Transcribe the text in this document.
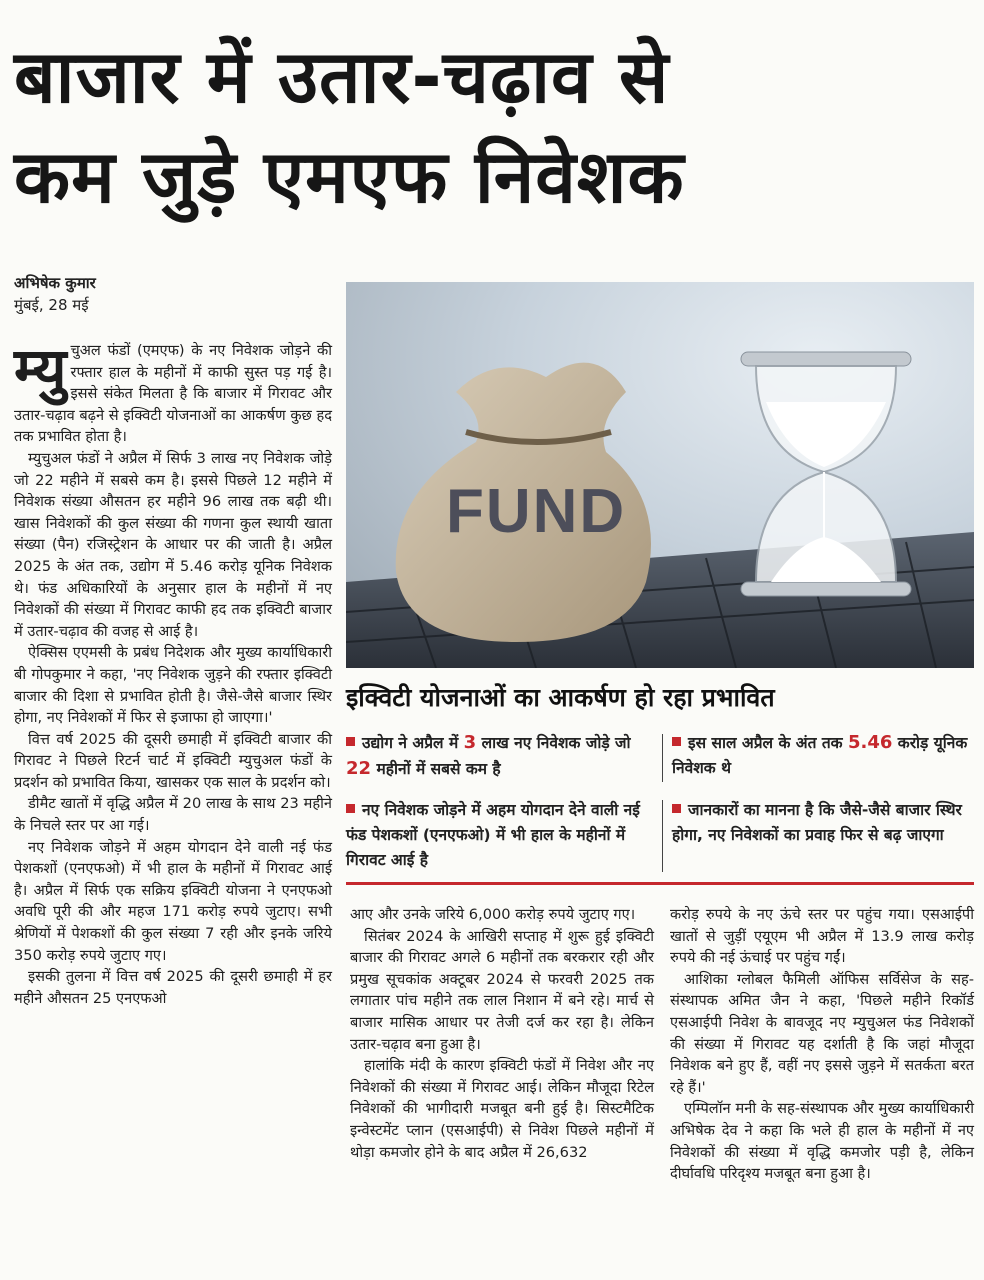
बाजार में उतार-चढ़ाव से
कम जुड़े एमएफ निवेशक
अभिषेक कुमार
मुंबई, 28 मई

म्यु चुअल फंडों (एमएफ) के नए निवेशक जोड़ने की रफ्तार हाल के महीनों में काफी सुस्त पड़ गई है। इससे संकेत मिलता है कि बाजार में गिरावट और उतार-चढ़ाव बढ़ने से इक्विटी योजनाओं का आकर्षण कुछ हद तक प्रभावित होता है।

म्युचुअल फंडों ने अप्रैल में सिर्फ 3 लाख नए निवेशक जोड़े जो 22 महीने में सबसे कम है। इससे पिछले 12 महीने में निवेशक संख्या औसतन हर महीने 96 लाख तक बढ़ी थी। खास निवेशकों की कुल संख्या की गणना कुल स्थायी खाता संख्या (पैन) रजिस्ट्रेशन के आधार पर की जाती है। अप्रैल 2025 के अंत तक, उद्योग में 5.46 करोड़ यूनिक निवेशक थे। फंड अधिकारियों के अनुसार हाल के महीनों में नए निवेशकों की संख्या में गिरावट काफी हद तक इक्विटी बाजार में उतार-चढ़ाव की वजह से आई है।

ऐक्सिस एएमसी के प्रबंध निदेशक और मुख्य कार्याधिकारी बी गोपकुमार ने कहा, 'नए निवेशक जुड़ने की रफ्तार इक्विटी बाजार की दिशा से प्रभावित होती है। जैसे-जैसे बाजार स्थिर होगा, नए निवेशकों में फिर से इजाफा हो जाएगा।'

वित्त वर्ष 2025 की दूसरी छमाही में इक्विटी बाजार की गिरावट ने पिछले रिटर्न चार्ट में इक्विटी म्युचुअल फंडों के प्रदर्शन को प्रभावित किया, खासकर एक साल के प्रदर्शन को।

डीमैट खातों में वृद्धि अप्रैल में 20 लाख के साथ 23 महीने के निचले स्तर पर आ गई।

नए निवेशक जोड़ने में अहम योगदान देने वाली नई फंड पेशकशों (एनएफओ) में भी हाल के महीनों में गिरावट आई है। अप्रैल में सिर्फ एक सक्रिय इक्विटी योजना ने एनएफओ अवधि पूरी की और महज 171 करोड़ रुपये जुटाए। सभी श्रेणियों में पेशकशों की कुल संख्या 7 रही और इनके जरिये 350 करोड़ रुपये जुटाए गए।

इसकी तुलना में वित्त वर्ष 2025 की दूसरी छमाही में हर महीने औसतन 25 एनएफओ

FUND
इक्विटी योजनाओं का आकर्षण हो रहा प्रभावित
उद्योग ने अप्रैल में 3 लाख नए निवेशक जोड़े जो 22 महीनों में सबसे कम है
इस साल अप्रैल के अंत तक 5.46 करोड़ यूनिक निवेशक थे
नए निवेशक जोड़ने में अहम योगदान देने वाली नई फंड पेशकशों (एनएफओ) में भी हाल के महीनों में गिरावट आई है
जानकारों का मानना है कि जैसे-जैसे बाजार स्थिर होगा, नए निवेशकों का प्रवाह फिर से बढ़ जाएगा

आए और उनके जरिये 6,000 करोड़ रुपये जुटाए गए।

सितंबर 2024 के आखिरी सप्ताह में शुरू हुई इक्विटी बाजार की गिरावट अगले 6 महीनों तक बरकरार रही और प्रमुख सूचकांक अक्टूबर 2024 से फरवरी 2025 तक लगातार पांच महीने तक लाल निशान में बने रहे। मार्च से बाजार मासिक आधार पर तेजी दर्ज कर रहा है। लेकिन उतार-चढ़ाव बना हुआ है।

हालांकि मंदी के कारण इक्विटी फंडों में निवेश और नए निवेशकों की संख्या में गिरावट आई। लेकिन मौजूदा रिटेल निवेशकों की भागीदारी मजबूत बनी हुई है। सिस्टमैटिक इन्वेस्टमेंट प्लान (एसआईपी) से निवेश पिछले महीनों में थोड़ा कमजोर होने के बाद अप्रैल में 26,632

करोड़ रुपये के नए ऊंचे स्तर पर पहुंच गया। एसआईपी खातों से जुड़ीं एयूएम भी अप्रैल में 13.9 लाख करोड़ रुपये की नई ऊंचाई पर पहुंच गईं।

आशिका ग्लोबल फैमिली ऑफिस सर्विसेज के सह-संस्थापक अमित जैन ने कहा, 'पिछले महीने रिकॉर्ड एसआईपी निवेश के बावजूद नए म्युचुअल फंड निवेशकों की संख्या में गिरावट यह दर्शाती है कि जहां मौजूदा निवेशक बने हुए हैं, वहीं नए इससे जुड़ने में सतर्कता बरत रहे हैं।'

एम्पिलॉन मनी के सह-संस्थापक और मुख्य कार्याधिकारी अभिषेक देव ने कहा कि भले ही हाल के महीनों में नए निवेशकों की संख्या में वृद्धि कमजोर पड़ी है, लेकिन दीर्घावधि परिदृश्य मजबूत बना हुआ है।
